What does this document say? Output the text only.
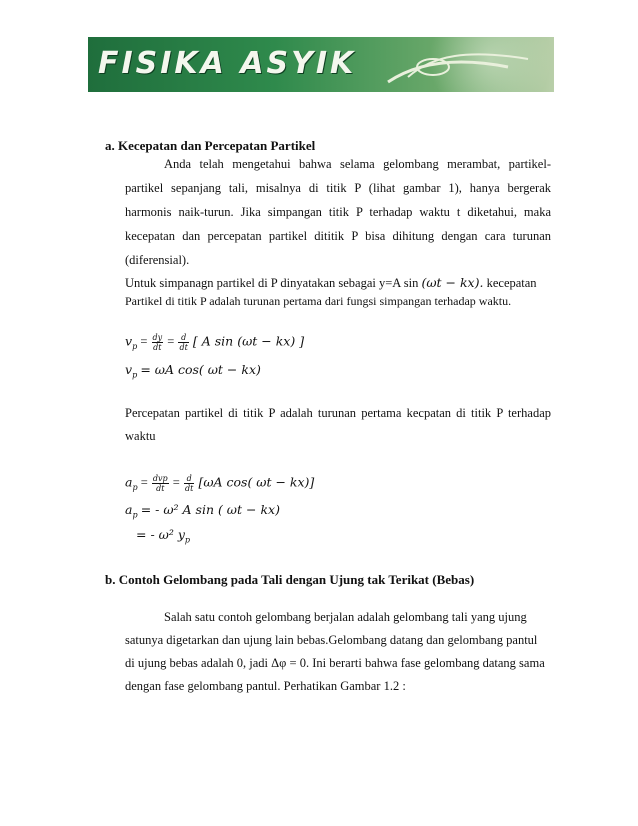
FISIKA ASYIK
a. Kecepatan dan Percepatan Partikel
Anda telah mengetahui bahwa selama gelombang merambat, partikel-
partikel sepanjang tali, misalnya di titik P (lihat gambar 1), hanya bergerak
harmonis naik-turun. Jika simpangan titik P terhadap waktu t diketahui, maka
kecepatan dan percepatan partikel dititik P bisa dihitung dengan cara turunan
(diferensial).
Untuk simpanagn partikel di P dinyatakan sebagai y=A sin (ωt − kx). kecepatan
Partikel di titik P adalah turunan pertama dari fungsi simpangan terhadap waktu.
$v_p = \frac{dy}{dt} = \frac{d}{dt}$ [ A sin (ωt − kx) ]
$v_p = \omega A$ cos( ωt − kx)
Percepatan partikel di titik P adalah turunan pertama kecpatan di titik P terhadap
waktu
$a_p = \frac{\text{dvp}}{dt} = \frac{d}{dt} [\omega A$ cos( ωt − kx)]
$a_p$ = - ω² A sin ( ωt − kx)
= - ω² $y_p$
b. Contoh Gelombang pada Tali dengan Ujung tak Terikat (Bebas)
Salah satu contoh gelombang berjalan adalah gelombang tali yang ujung
satunya digetarkan dan ujung lain bebas.Gelombang datang dan gelombang pantul
di ujung bebas adalah 0, jadi Δφ = 0. Ini berarti bahwa fase gelombang datang sama
dengan fase gelombang pantul. Perhatikan Gambar 1.2 :
